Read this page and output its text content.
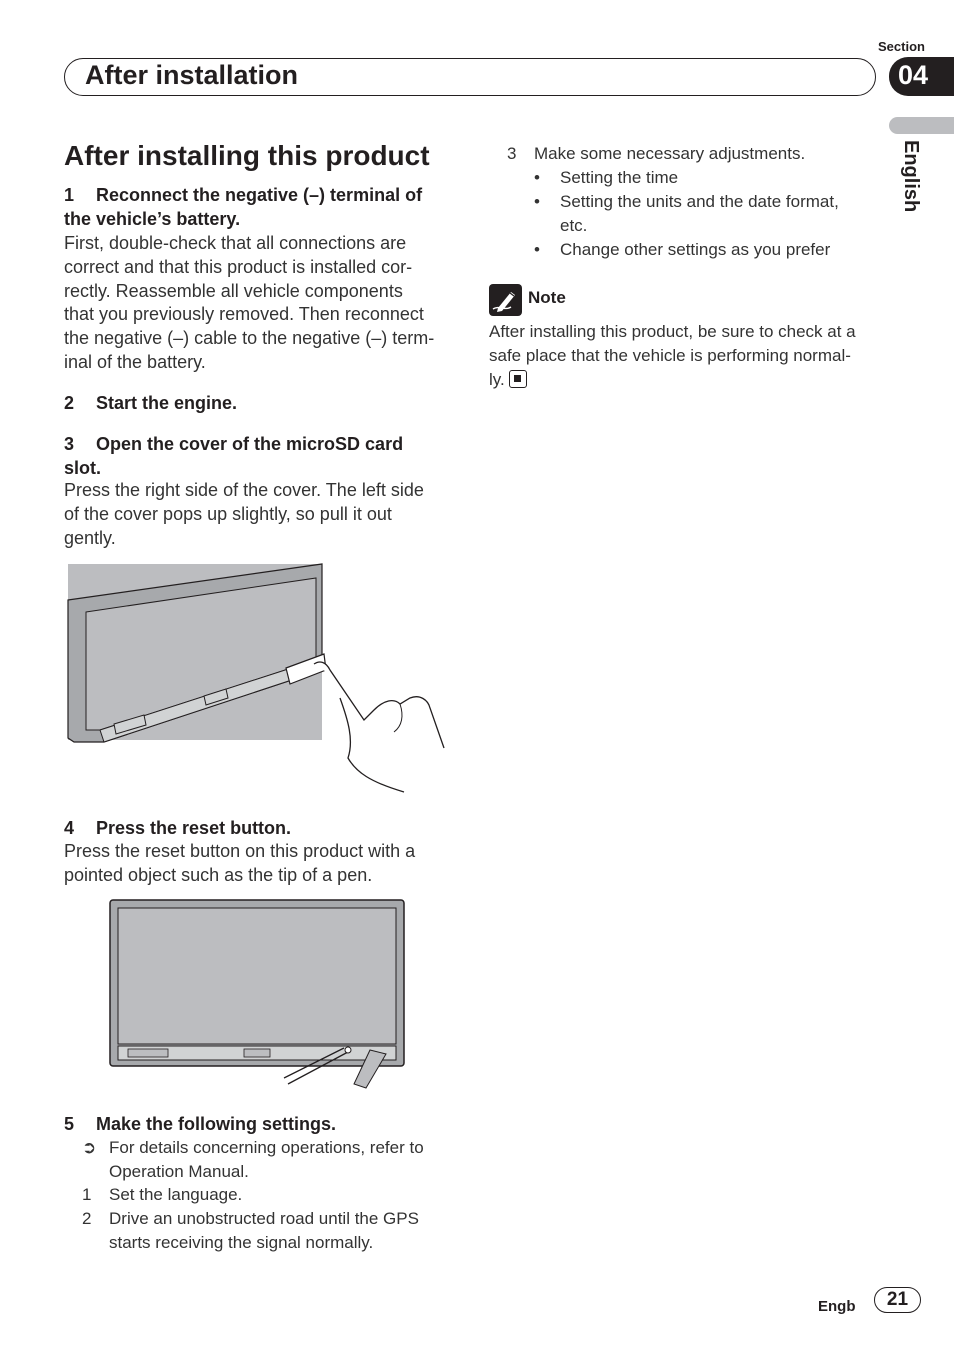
Section
After installation	04
English
After installing this product
1 Reconnect the negative (–) terminal of
the vehicle’s battery.
First, double-check that all connections are
correct and that this product is installed cor-
rectly. Reassemble all vehicle components
that you previously removed. Then reconnect
the negative (–) cable to the negative (–) term-
inal of the battery.
2 Start the engine.
3 Open the cover of the microSD card
slot.
Press the right side of the cover. The left side
of the cover pops up slightly, so pull it out
gently.
4 Press the reset button.
Press the reset button on this product with a
pointed object such as the tip of a pen.
5 Make the following settings.
➲ For details concerning operations, refer to
Operation Manual.
1	Set the language.
2	Drive an unobstructed road until the GPS
starts receiving the signal normally.
3	Make some necessary adjustments.
•	Setting the time
•	Setting the units and the date format,
etc.
•	Change other settings as you prefer
Note
After installing this product, be sure to check at a
safe place that the vehicle is performing normal-
ly.
Engb	21
